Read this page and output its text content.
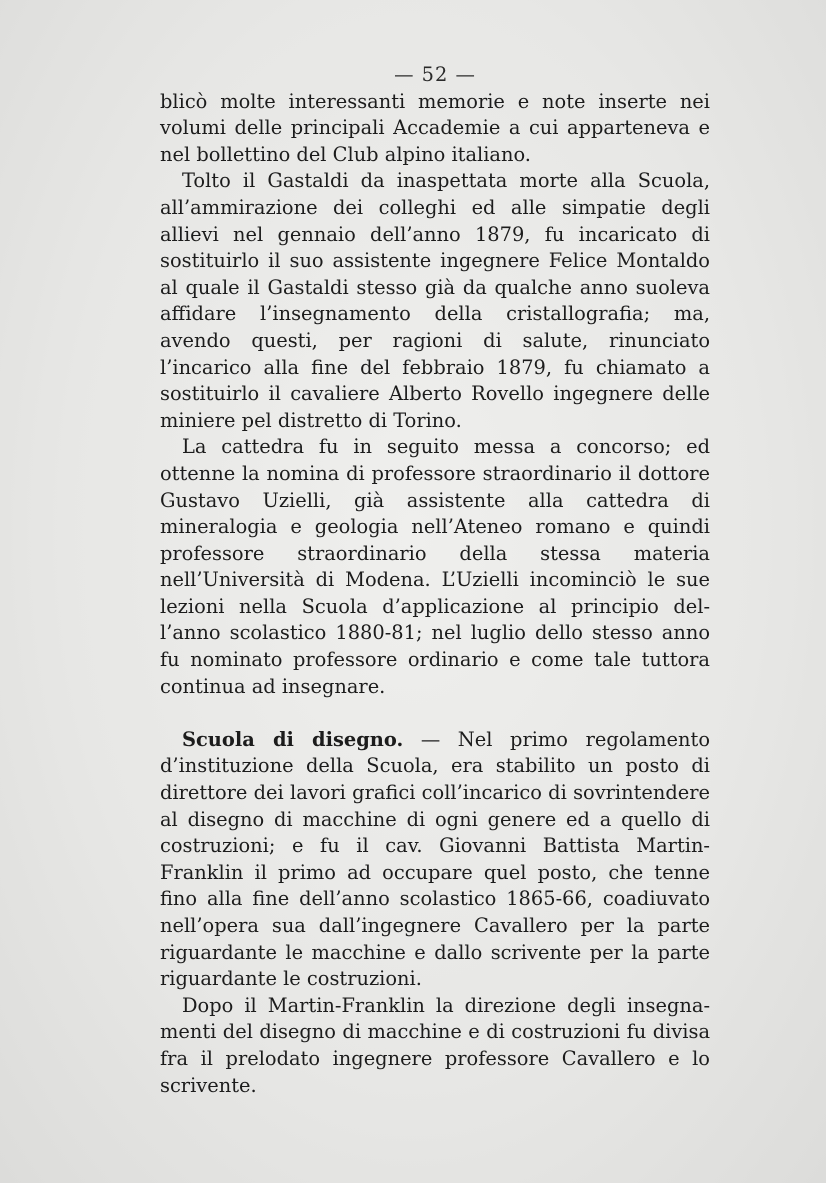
— 52 —

blicò molte interessanti memorie e note inserte nei volumi delle principali Accademie a cui apparteneva e nel bollettino del Club alpino italiano.

Tolto il Gastaldi da inaspettata morte alla Scuola, all’ammirazione dei colleghi ed alle simpatie degli allievi nel gennaio dell’anno 1879, fu incaricato di sostituirlo il suo assistente ingegnere Felice Montaldo al quale il Gastaldi stesso già da qualche anno suoleva affidare l’insegnamento della cristallografia; ma, avendo questi, per ragioni di salute, rinunciato l’incarico alla fine del febbraio 1879, fu chiamato a sostituirlo il cavaliere Alberto Rovello ingegnere delle miniere pel distretto di Torino.

La cattedra fu in seguito messa a concorso; ed ottenne la nomina di professore straordinario il dottore Gustavo Uzielli, già assistente alla cattedra di mineralogia e geologia nell’Ateneo romano e quindi professore straordinario della stessa materia nell’Università di Modena. L’Uzielli incominciò le sue lezioni nella Scuola d’applicazione al principio dell’anno scolastico 1880-81; nel luglio dello stesso anno fu nominato professore ordinario e come tale tuttora continua ad insegnare.

Scuola di disegno. — Nel primo regolamento d’instituzione della Scuola, era stabilito un posto di direttore dei lavori grafici coll’incarico di sovrintendere al disegno di macchine di ogni genere ed a quello di costruzioni; e fu il cav. Giovanni Battista Martin-Franklin il primo ad occupare quel posto, che tenne fino alla fine dell’anno scolastico 1865-66, coadiuvato nell’opera sua dall’ingegnere Cavallero per la parte riguardante le macchine e dallo scrivente per la parte riguardante le costruzioni.

Dopo il Martin-Franklin la direzione degli insegnamenti del disegno di macchine e di costruzioni fu divisa fra il prelodato ingegnere professore Cavallero e lo scrivente.
